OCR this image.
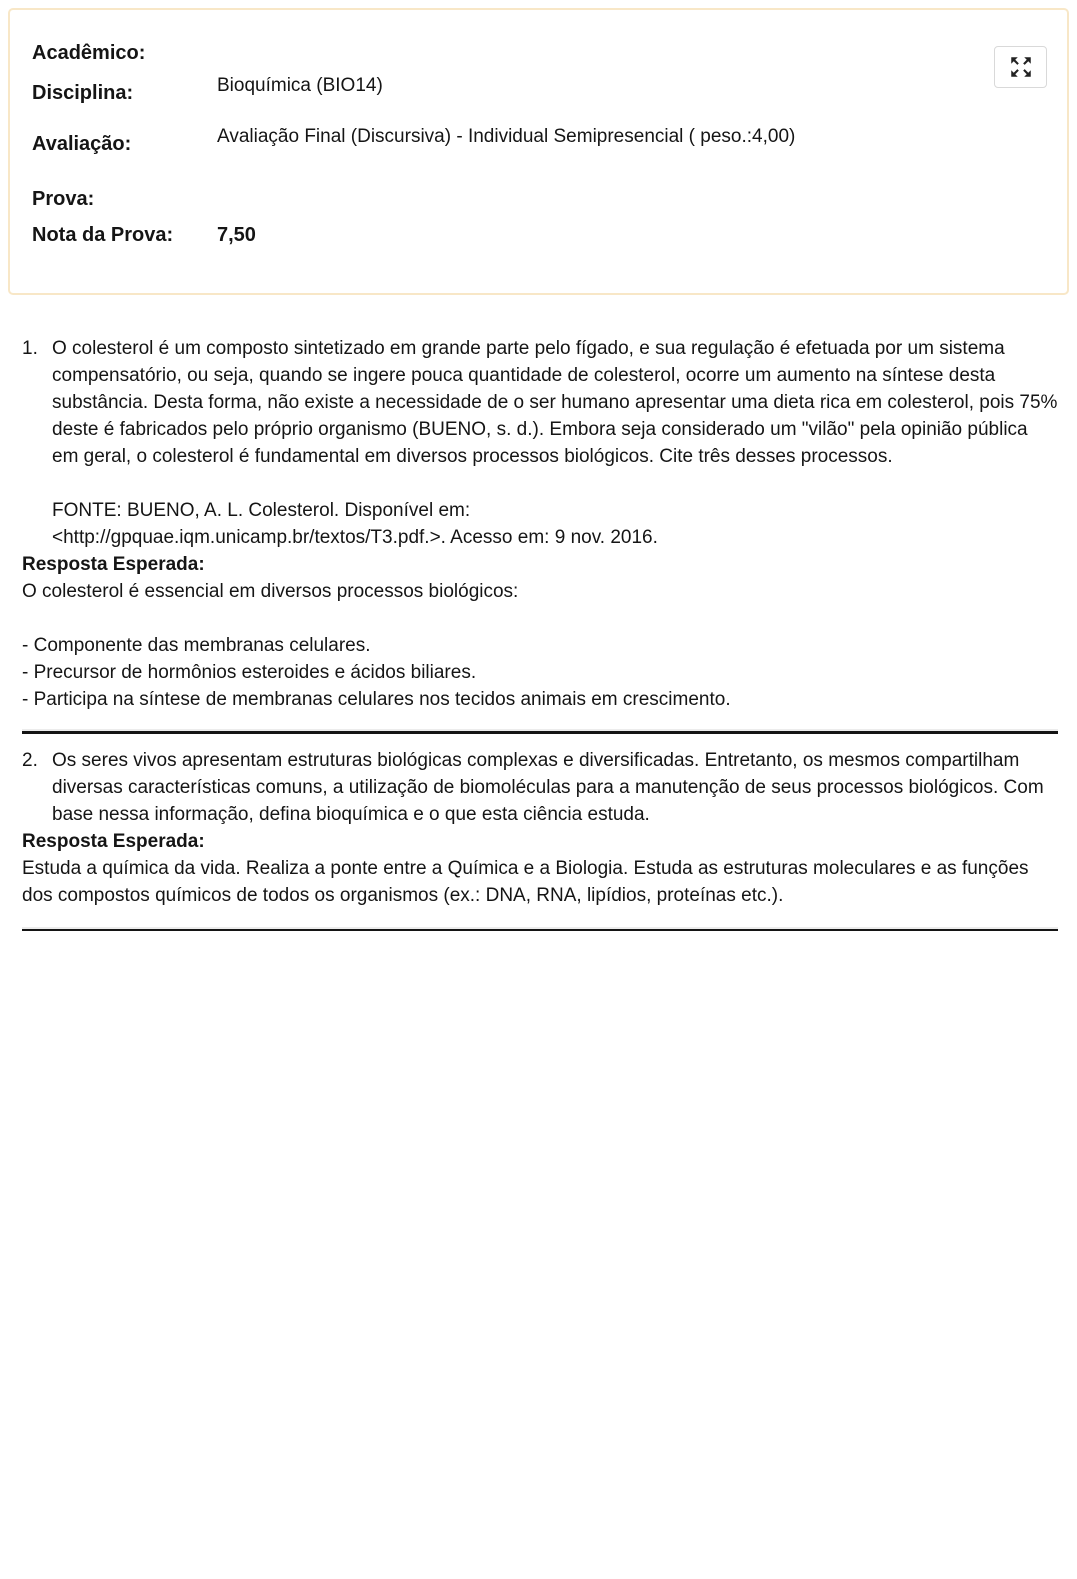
Acadêmico:
Disciplina:	Bioquímica (BIO14)
Avaliação:	Avaliação Final (Discursiva) - Individual Semipresencial ( peso.:4,00)
Prova:
Nota da Prova:	7,50
1. O colesterol é um composto sintetizado em grande parte pelo fígado, e sua regulação é efetuada por um sistema compensatório, ou seja, quando se ingere pouca quantidade de colesterol, ocorre um aumento na síntese desta substância. Desta forma, não existe a necessidade de o ser humano apresentar uma dieta rica em colesterol, pois 75% deste é fabricados pelo próprio organismo (BUENO, s. d.). Embora seja considerado um "vilão" pela opinião pública em geral, o colesterol é fundamental em diversos processos biológicos. Cite três desses processos.

FONTE: BUENO, A. L. Colesterol. Disponível em:
<http://gpquae.iqm.unicamp.br/textos/T3.pdf.>. Acesso em: 9 nov. 2016.
Resposta Esperada:
O colesterol é essencial em diversos processos biológicos:
- Componente das membranas celulares.
- Precursor de hormônios esteroides e ácidos biliares.
- Participa na síntese de membranas celulares nos tecidos animais em crescimento.
2. Os seres vivos apresentam estruturas biológicas complexas e diversificadas. Entretanto, os mesmos compartilham diversas características comuns, a utilização de biomoléculas para a manutenção de seus processos biológicos. Com base nessa informação, defina bioquímica e o que esta ciência estuda.

Resposta Esperada:
Estuda a química da vida. Realiza a ponte entre a Química e a Biologia. Estuda as estruturas moleculares e as funções dos compostos químicos de todos os organismos (ex.: DNA, RNA, lipídios, proteínas etc.).
